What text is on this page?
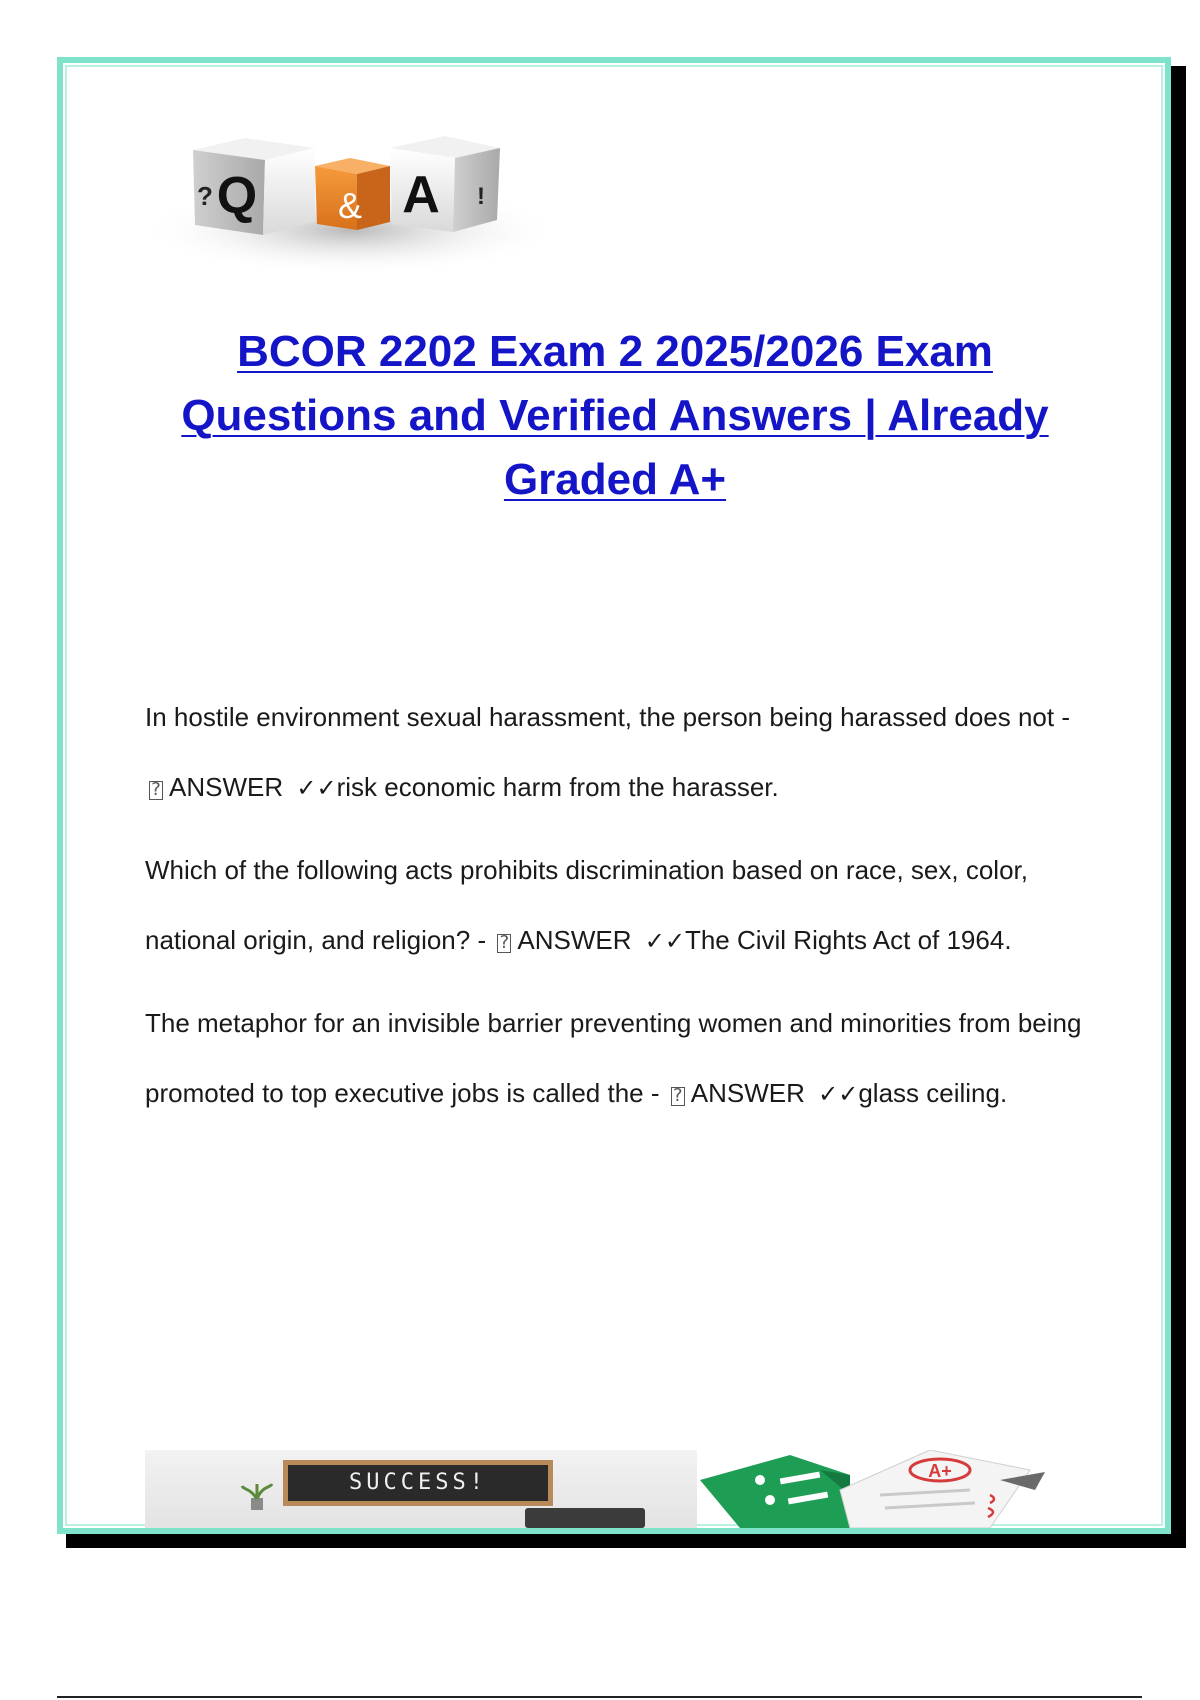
Q
?	& A !
BCOR 2202 Exam 2 2025/2026 Exam Questions and Verified Answers | Already Graded A+

In hostile environment sexual harassment, the person being harassed does not - ? ANSWER ✓✓risk economic harm from the harasser.

Which of the following acts prohibits discrimination based on race, sex, color, national origin, and religion? - ? ANSWER ✓✓The Civil Rights Act of 1964.

The metaphor for an invisible barrier preventing women and minorities from being promoted to top executive jobs is called the - ? ANSWER ✓✓glass ceiling.

SUCCESS!	A+
